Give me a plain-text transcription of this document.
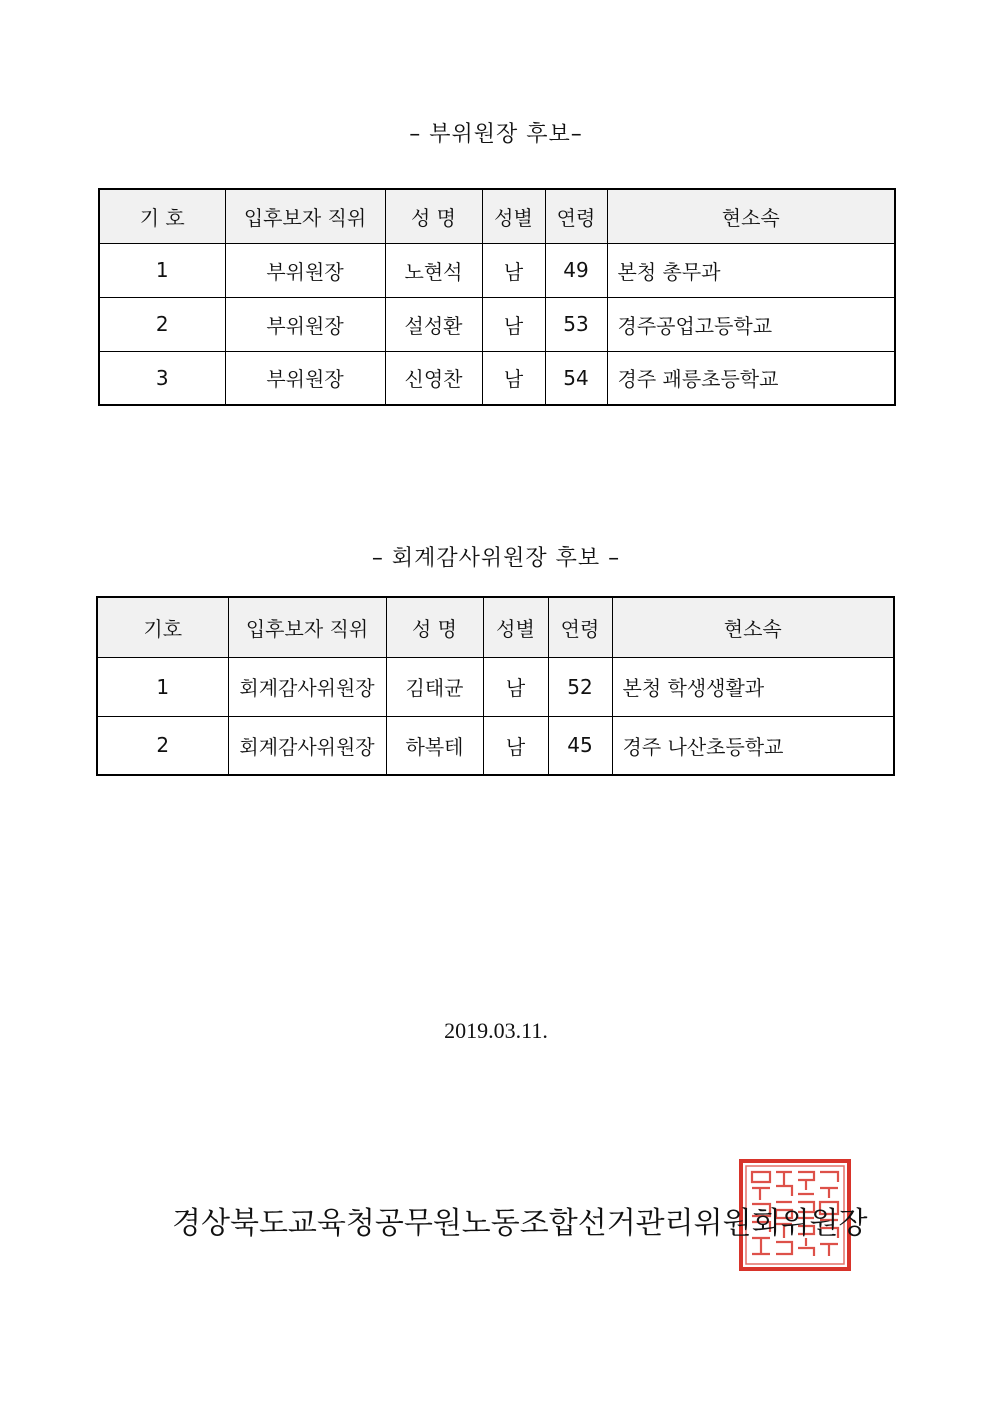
– 부위원장 후보–
기 호	입후보자 직위	성 명	성별	연령	현소속
1	부위원장	노현석	남	49	본청 총무과
2	부위원장	설성환	남	53	경주공업고등학교
3	부위원장	신영찬	남	54	경주 괘릉초등학교
– 회계감사위원장 후보 –
기호	입후보자 직위	성 명	성별	연령	현소속
1	회계감사위원장	김태균	남	52	본청 학생생활과
2	회계감사위원장	하복테	남	45	경주 나산초등학교
2019.03.11.
경상북도교육청공무원노동조합선거관리위원회위원장
